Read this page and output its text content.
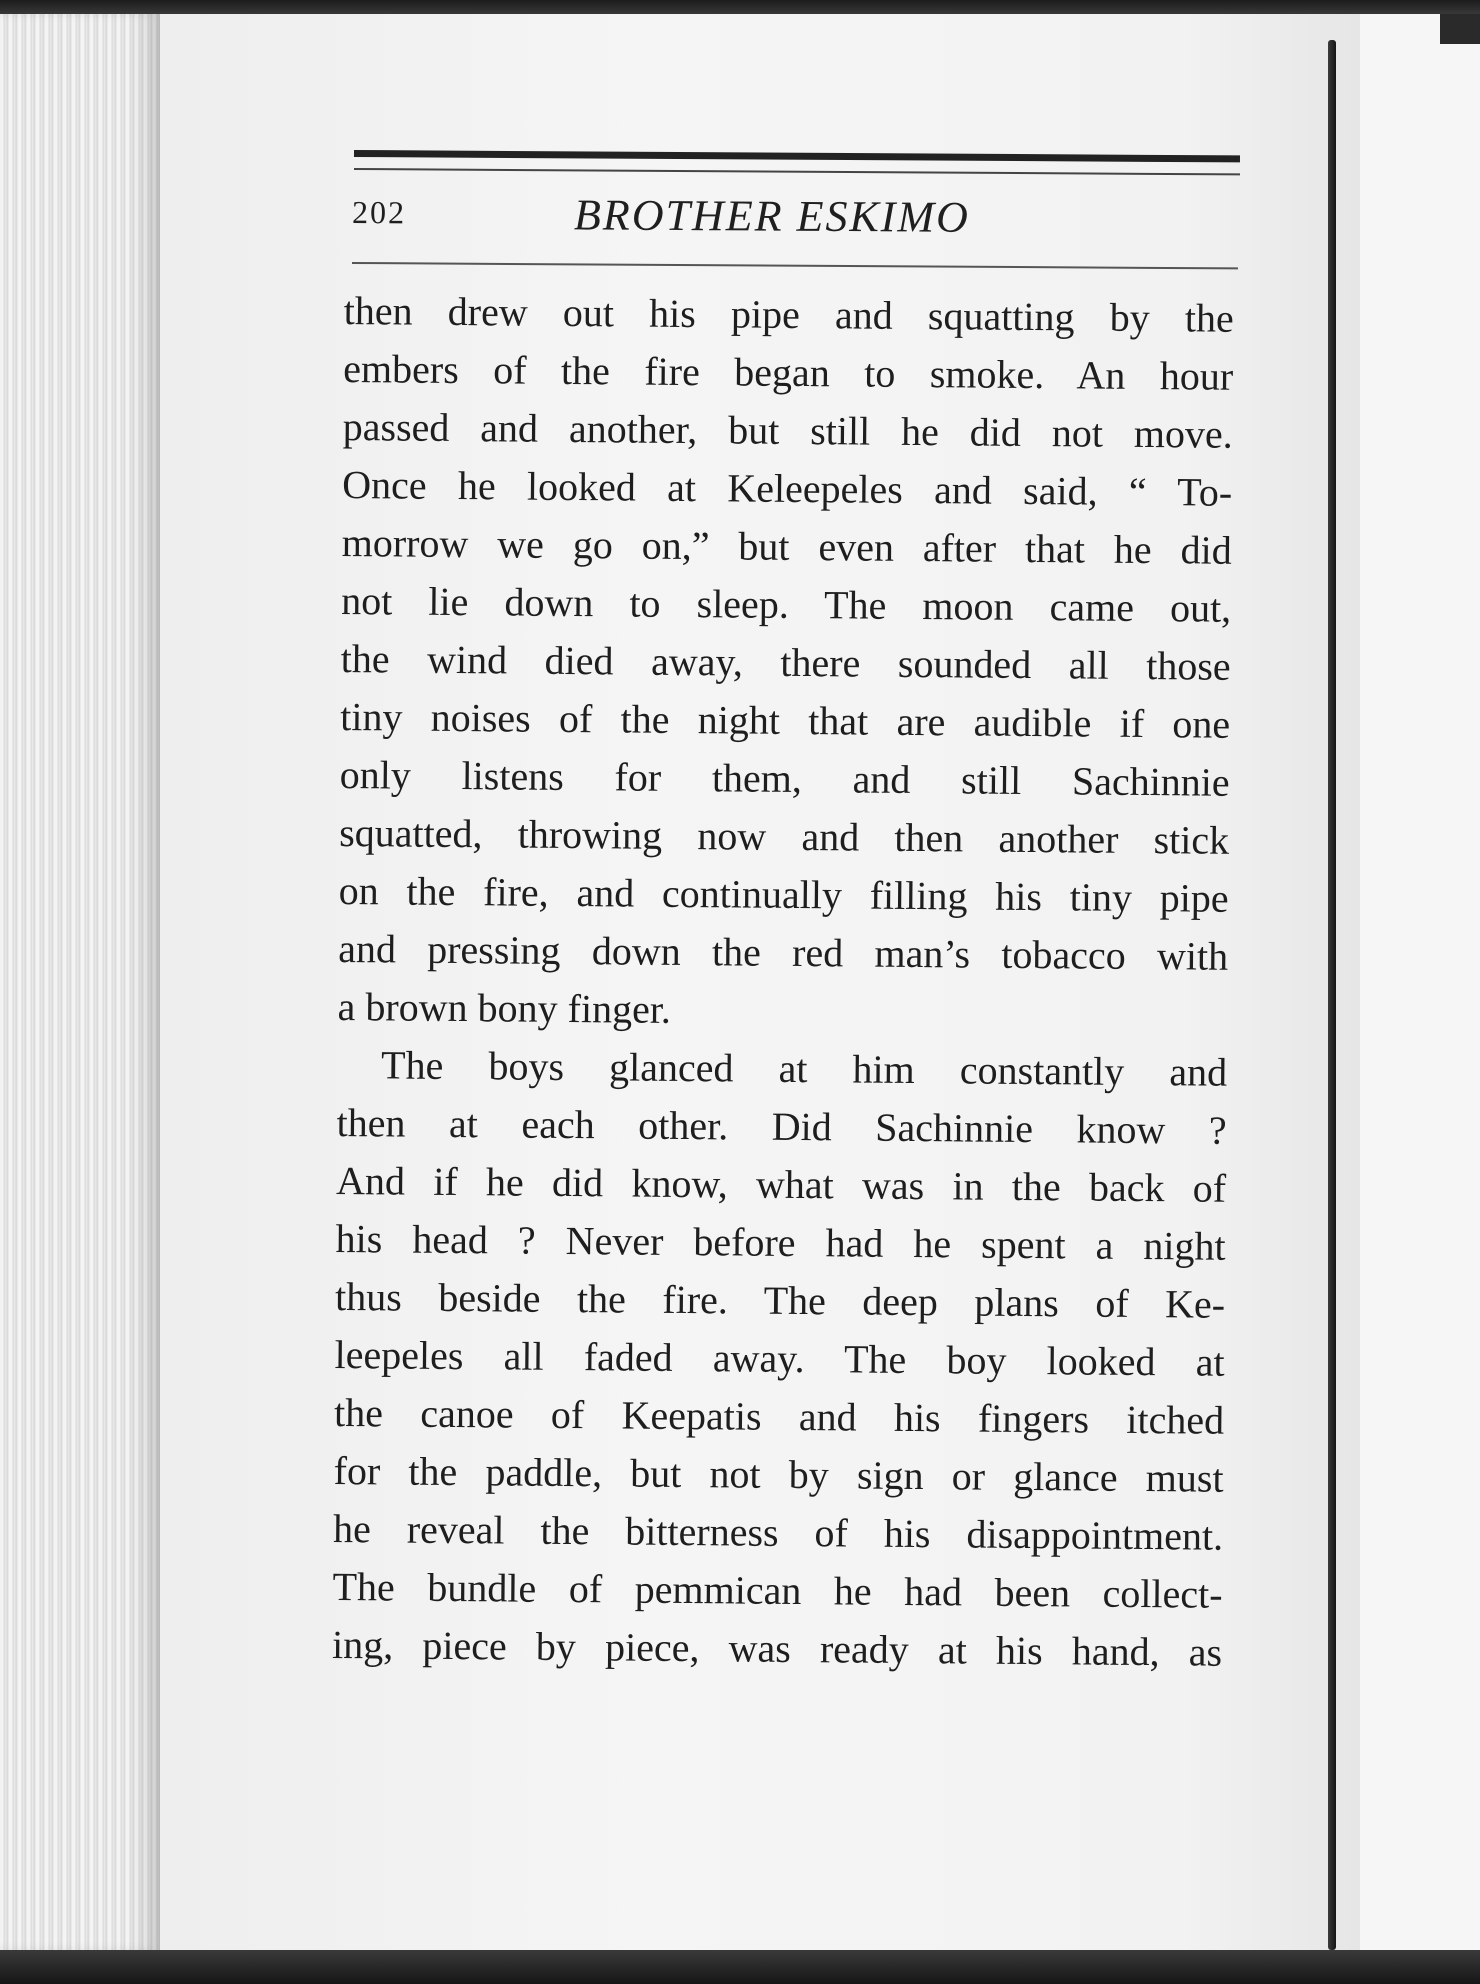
202	BROTHER ESKIMO
then drew out his pipe and squatting by the
embers of the fire began to smoke. An hour
passed and another, but still he did not move.
Once he looked at Keleepeles and said, “ To-
morrow we go on,” but even after that he did
not lie down to sleep. The moon came out,
the wind died away, there sounded all those
tiny noises of the night that are audible if one
only listens for them, and still Sachinnie
squatted, throwing now and then another stick
on the fire, and continually filling his tiny pipe
and pressing down the red man’s tobacco with
a brown bony finger.
The boys glanced at him constantly and
then at each other. Did Sachinnie know ?
And if he did know, what was in the back of
his head ? Never before had he spent a night
thus beside the fire. The deep plans of Ke-
leepeles all faded away. The boy looked at
the canoe of Keepatis and his fingers itched
for the paddle, but not by sign or glance must
he reveal the bitterness of his disappointment.
The bundle of pemmican he had been collect-
ing, piece by piece, was ready at his hand, as
